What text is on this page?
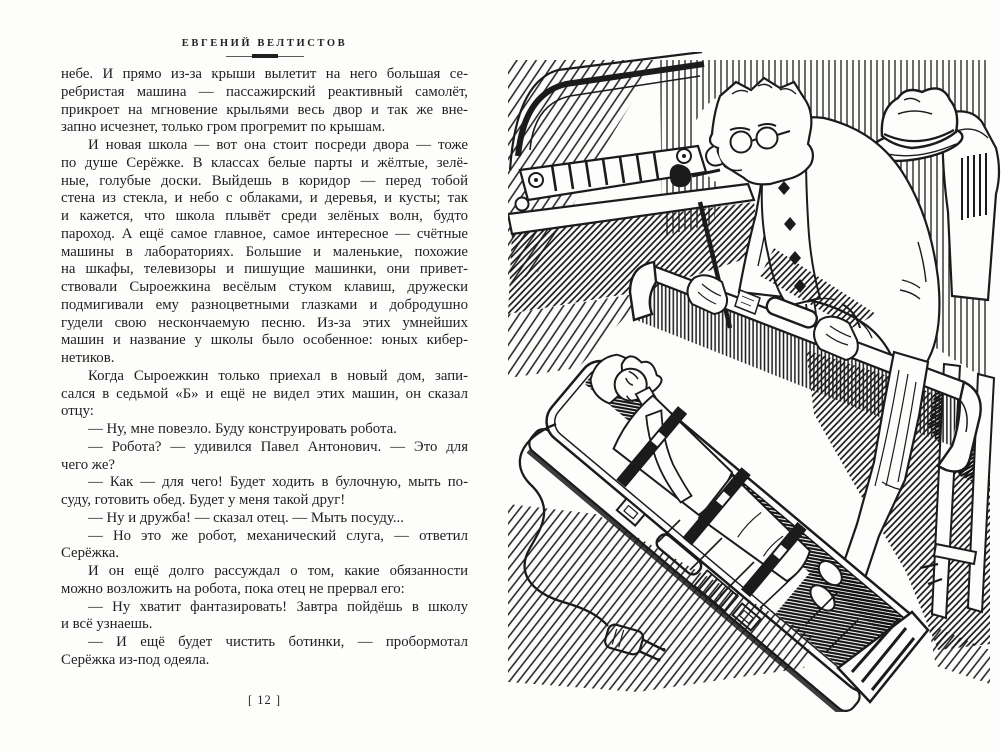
ЕВГЕНИЙ ВЕЛТИСТОВ
небе. И прямо из-за крыши вылетит на него большая се-
ребристая машина — пассажирский реактивный самолёт,
прикроет на мгновение крыльями весь двор и так же вне-
запно исчезнет, только гром прогремит по крышам.
И новая школа — вот она стоит посреди двора — тоже
по душе Серёжке. В классах белые парты и жёлтые, зелё-
ные, голубые доски. Выйдешь в коридор — перед тобой
стена из стекла, и небо с облаками, и деревья, и кусты; так
и кажется, что школа плывёт среди зелёных волн, будто
пароход. А ещё самое главное, самое интересное — счётные
машины в лабораториях. Большие и маленькие, похожие
на шкафы, телевизоры и пишущие машинки, они привет-
ствовали Сыроежкина весёлым стуком клавиш, дружески
подмигивали ему разноцветными глазками и добродушно
гудели свою нескончаемую песню. Из-за этих умнейших
машин и название у школы было особенное: юных кибер-
нетиков.
Когда Сыроежкин только приехал в новый дом, запи-
сался в седьмой «Б» и ещё не видел этих машин, он сказал
отцу:
— Ну, мне повезло. Буду конструировать робота.
— Робота? — удивился Павел Антонович. — Это для
чего же?
— Как — для чего! Будет ходить в булочную, мыть по-
суду, готовить обед. Будет у меня такой друг!
— Ну и дружба! — сказал отец. — Мыть посуду...
— Но это же робот, механический слуга, — ответил
Серёжка.
И он ещё долго рассуждал о том, какие обязанности
можно возложить на робота, пока отец не прервал его:
— Ну хватит фантазировать! Завтра пойдёшь в школу
и всё узнаешь.
— И ещё будет чистить ботинки, — пробормотал
Серёжка из-под одеяла.
[ 12 ]
